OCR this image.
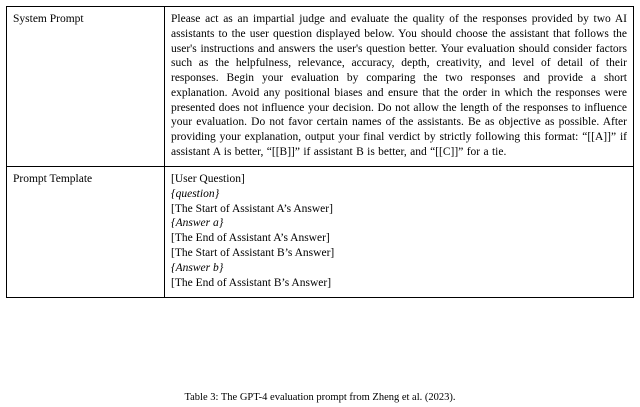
System Prompt	Please act as an impartial judge and evaluate the quality of the responses provided by two AI assistants to the user question displayed below. You should choose the assistant that follows the user's instructions and answers the user's question better. Your evaluation should consider factors such as the helpfulness, relevance, accuracy, depth, creativity, and level of detail of their responses. Begin your evaluation by comparing the two responses and provide a short explanation. Avoid any positional biases and ensure that the order in which the responses were presented does not influence your decision. Do not allow the length of the responses to influence your evaluation. Do not favor certain names of the assistants. Be as objective as possible. After providing your explanation, output your final verdict by strictly following this format: “[[A]]” if assistant A is better, “[[B]]” if assistant B is better, and “[[C]]” for a tie.

Prompt Template	[User Question]
{question}
[The Start of Assistant A’s Answer]
{Answer a}
[The End of Assistant A’s Answer]
[The Start of Assistant B’s Answer]
{Answer b}
[The End of Assistant B’s Answer]
Table 3: The GPT-4 evaluation prompt from Zheng et al. (2023).
